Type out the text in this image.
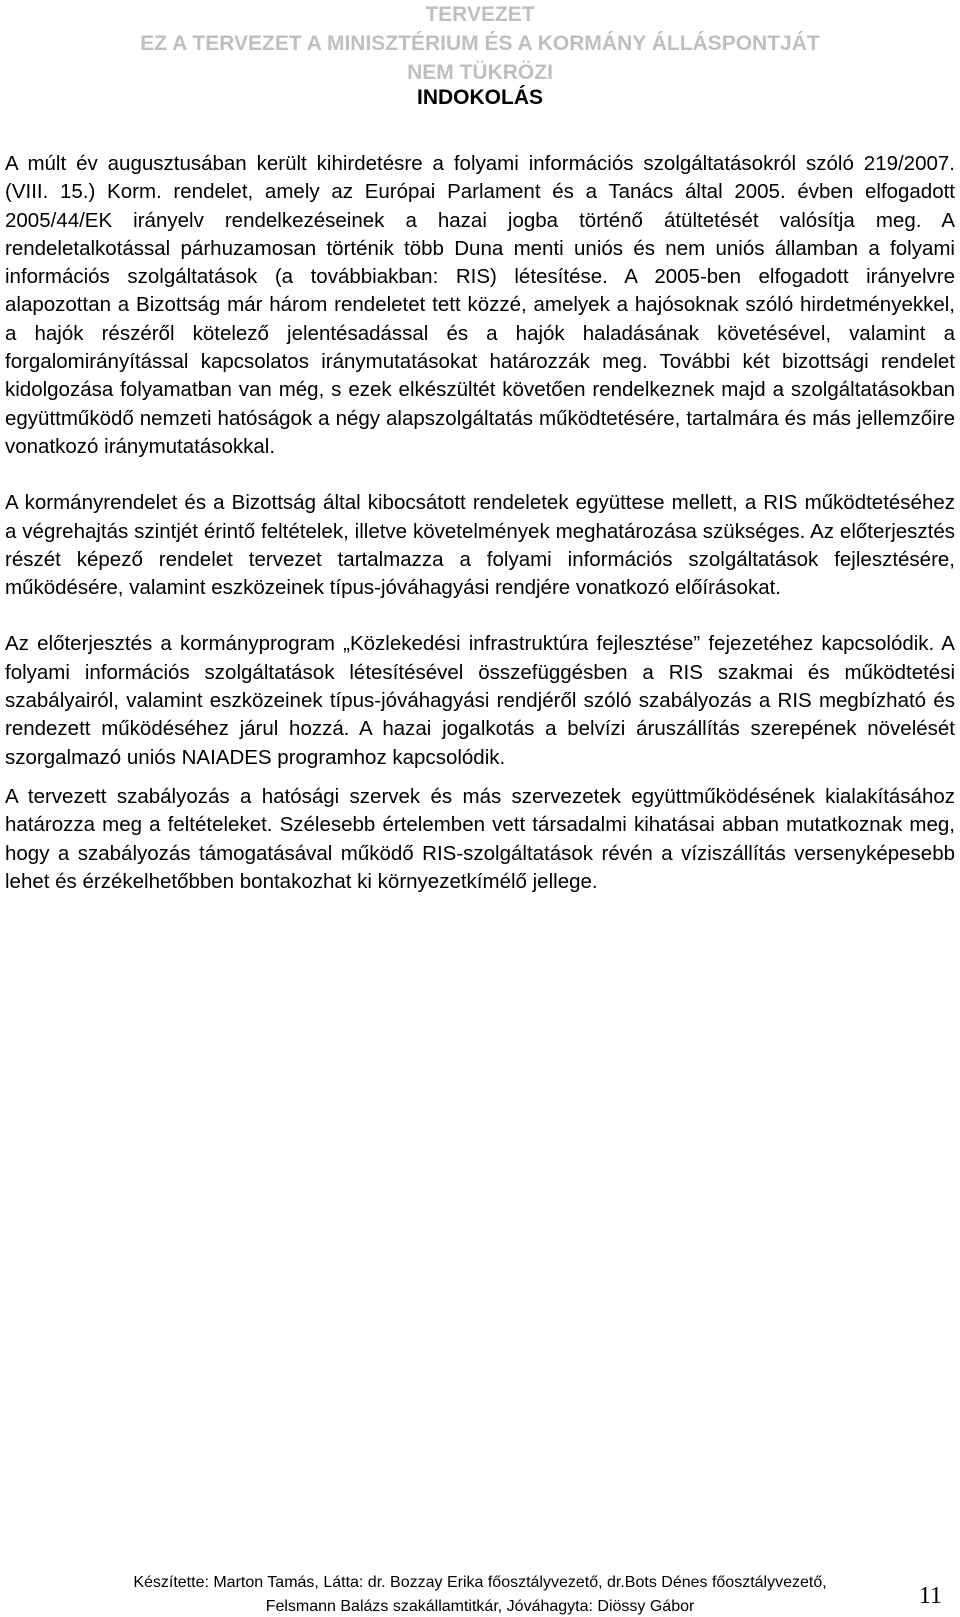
TERVEZET
EZ A TERVEZET A MINISZTÉRIUM ÉS A KORMÁNY ÁLLÁSPONTJÁT
NEM TÜKRÖZI
INDOKOLÁS

A múlt év augusztusában került kihirdetésre a folyami információs szolgáltatásokról szóló 219/2007. (VIII. 15.) Korm. rendelet, amely az Európai Parlament és a Tanács által 2005. évben elfogadott 2005/44/EK irányelv rendelkezéseinek a hazai jogba történő átültetését valósítja meg. A rendeletalkotással párhuzamosan történik több Duna menti uniós és nem uniós államban a folyami információs szolgáltatások (a továbbiakban: RIS) létesítése. A 2005-ben elfogadott irányelvre alapozottan a Bizottság már három rendeletet tett közzé, amelyek a hajósoknak szóló hirdetményekkel, a hajók részéről kötelező jelentésadással és a hajók haladásának követésével, valamint a forgalomirányítással kapcsolatos iránymutatásokat határozzák meg. További két bizottsági rendelet kidolgozása folyamatban van még, s ezek elkészültét követően rendelkeznek majd a szolgáltatásokban együttműködő nemzeti hatóságok a négy alapszolgáltatás működtetésére, tartalmára és más jellemzőire vonatkozó iránymutatásokkal.

A kormányrendelet és a Bizottság által kibocsátott rendeletek együttese mellett, a RIS működtetéséhez a végrehajtás szintjét érintő feltételek, illetve követelmények meghatározása szükséges. Az előterjesztés részét képező rendelet tervezet tartalmazza a folyami információs szolgáltatások fejlesztésére, működésére, valamint eszközeinek típus-jóváhagyási rendjére vonatkozó előírásokat.

Az előterjesztés a kormányprogram „Közlekedési infrastruktúra fejlesztése” fejezetéhez kapcsolódik. A folyami információs szolgáltatások létesítésével összefüggésben a RIS szakmai és működtetési szabályairól, valamint eszközeinek típus-jóváhagyási rendjéről szóló szabályozás a RIS megbízható és rendezett működéséhez járul hozzá. A hazai jogalkotás a belvízi áruszállítás szerepének növelését szorgalmazó uniós NAIADES programhoz kapcsolódik.

A tervezett szabályozás a hatósági szervek és más szervezetek együttműködésének kialakításához határozza meg a feltételeket. Szélesebb értelemben vett társadalmi kihatásai abban mutatkoznak meg, hogy a szabályozás támogatásával működő RIS-szolgáltatások révén a víziszállítás versenyképesebb lehet és érzékelhetőbben bontakozhat ki környezetkímélő jellege.

Készítette: Marton Tamás, Látta: dr. Bozzay Erika főosztályvezető, dr.Bots Dénes főosztályvezető,
Felsmann Balázs szakállamtitkár, Jóváhagyta: Diössy Gábor	11
